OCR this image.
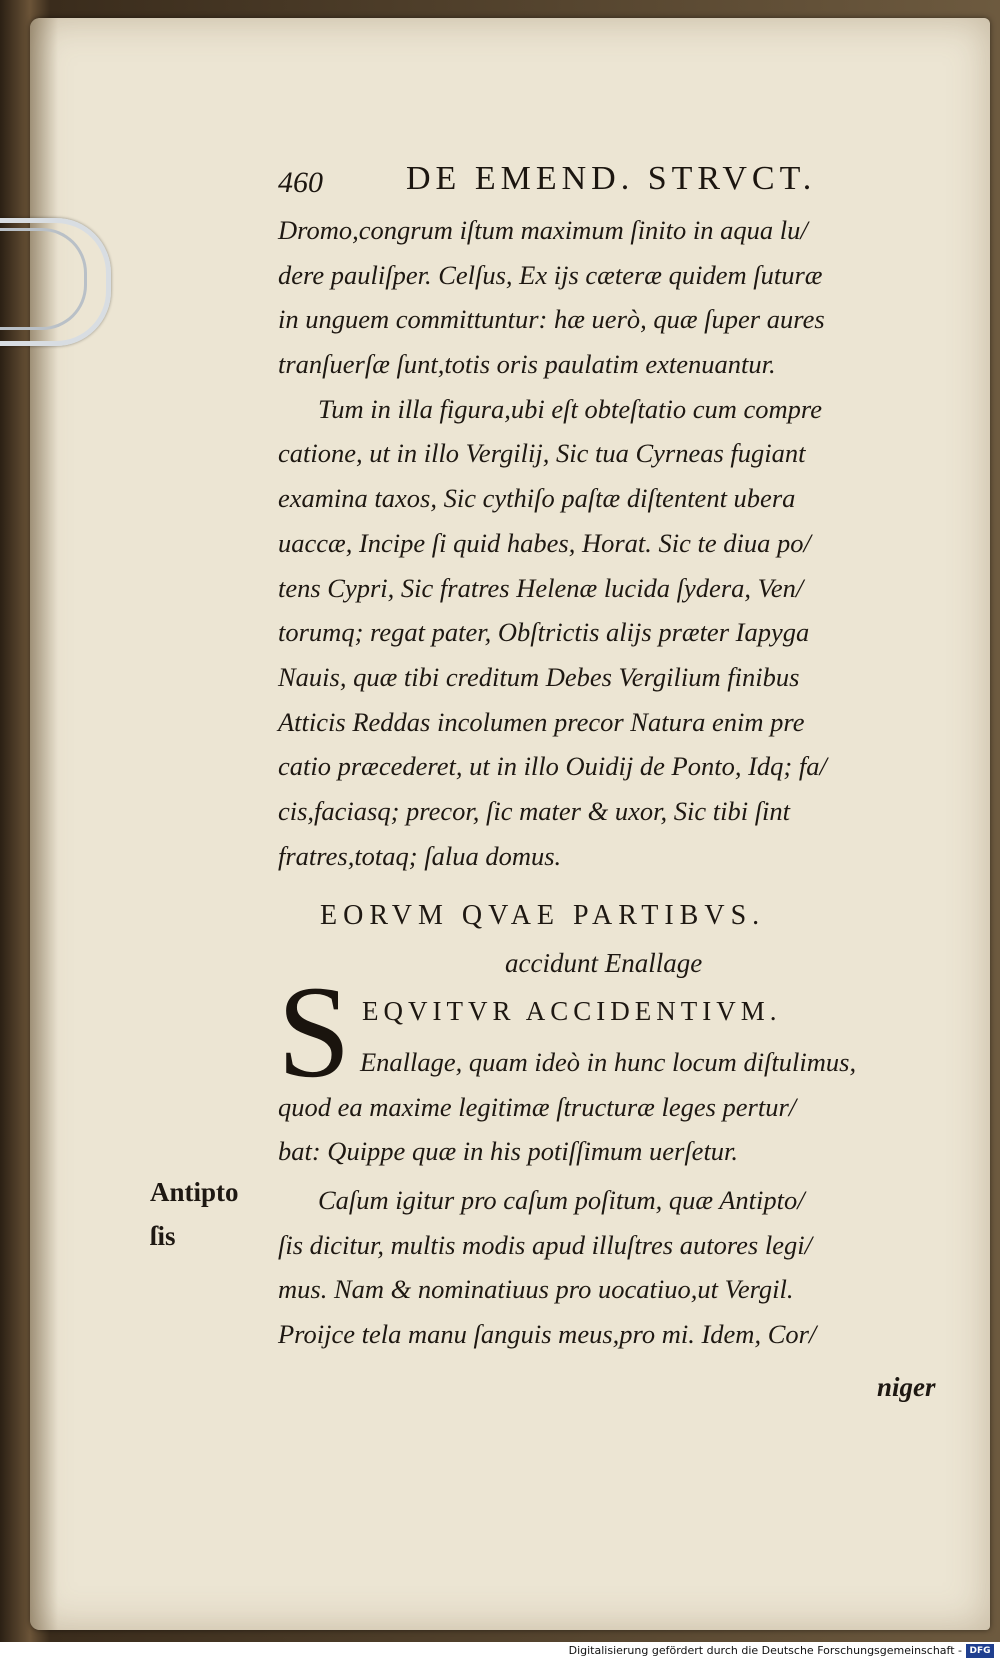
460 DE EMEND. STRVCT.
Dromo,congrum iſtum maximum ſinito in aqua lu/
dere pauliſper. Celſus, Ex ijs cæteræ quidem ſuturæ
in unguem committuntur: hæ uerò, quæ ſuper aures
tranſuerſæ ſunt,totis oris paulatim extenuantur.
Tum in illa figura,ubi eſt obteſtatio cum compre
catione, ut in illo Vergilij, Sic tua Cyrneas fugiant
examina taxos, Sic cythiſo paſtæ diſtentent ubera
uaccæ, Incipe ſi quid habes, Horat. Sic te diua po/
tens Cypri, Sic fratres Helenæ lucida ſydera, Ven/
torumq; regat pater, Obſtrictis alijs præter Iapyga
Nauis, quæ tibi creditum Debes Vergilium finibus
Atticis Reddas incolumen precor Natura enim pre
catio præcederet, ut in illo Ouidij de Ponto, Idq; fa/
cis,faciasq; precor, ſic mater & uxor, Sic tibi ſint
fratres,totaq; ſalua domus.
EORVM QVAE PARTIBVS.
accidunt Enallage
S EQVITVR ACCIDENTIVM.
Enallage, quam ideò in hunc locum diſtulimus,
quod ea maxime legitimæ ſtructuræ leges pertur/
bat: Quippe quæ in his potiſſimum uerſetur.
Antipto
ſis
Caſum igitur pro caſum poſitum, quæ Antipto/
ſis dicitur, multis modis apud illuſtres autores legi/
mus. Nam & nominatiuus pro uocatiuo,ut Vergil.
Proijce tela manu ſanguis meus,pro mi. Idem, Cor/
niger
Digitalisierung gefördert durch die Deutsche Forschungsgemeinschaft - DFG
